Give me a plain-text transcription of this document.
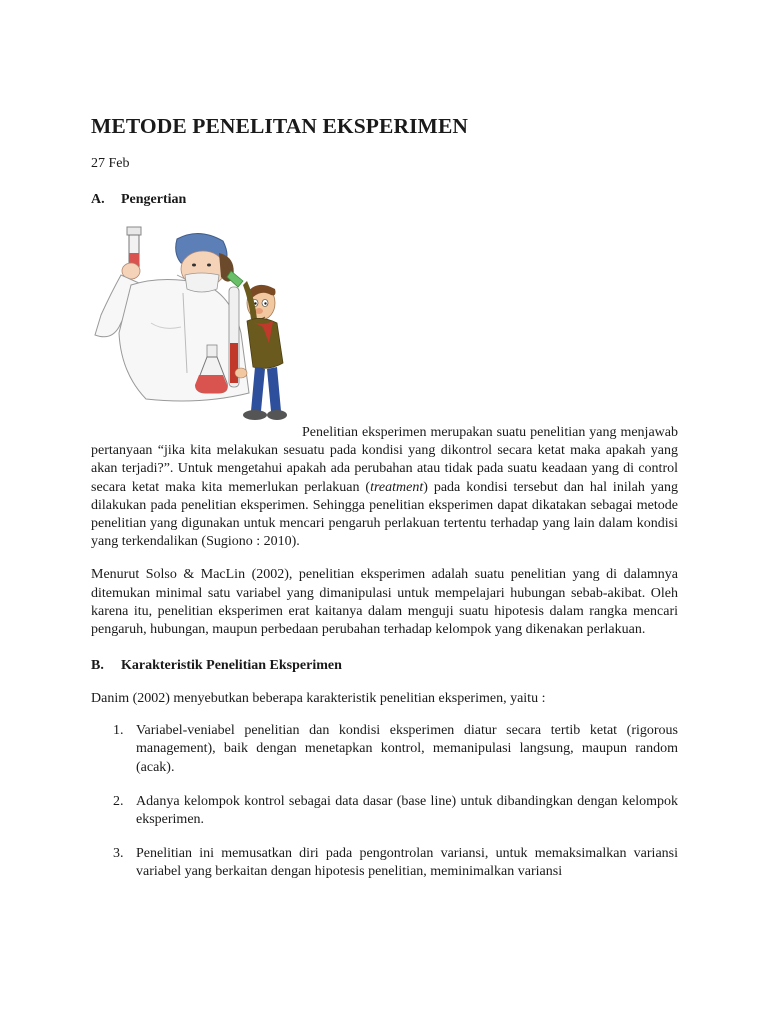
METODE PENELITAN EKSPERIMEN
27 Feb
A.	Pengertian

Penelitian eksperimen merupakan suatu penelitian yang menjawab pertanyaan “jika kita melakukan sesuatu pada kondisi yang dikontrol secara ketat maka apakah yang akan terjadi?”. Untuk mengetahui apakah ada perubahan atau tidak pada suatu keadaan yang di control secara ketat maka kita memerlukan perlakuan (treatment) pada kondisi tersebut dan hal inilah yang dilakukan pada penelitian eksperimen. Sehingga penelitian eksperimen dapat dikatakan sebagai metode penelitian yang digunakan untuk mencari pengaruh perlakuan tertentu terhadap yang lain dalam kondisi yang terkendalikan (Sugiono : 2010).

Menurut Solso & MacLin (2002), penelitian eksperimen adalah suatu penelitian yang di dalamnya ditemukan minimal satu variabel yang dimanipulasi untuk mempelajari hubungan sebab-akibat. Oleh karena itu, penelitian eksperimen erat kaitanya dalam menguji suatu hipotesis dalam rangka mencari pengaruh, hubungan, maupun perbedaan perubahan terhadap kelompok yang dikenakan perlakuan.

B.	Karakteristik Penelitian Eksperimen
Danim (2002) menyebutkan beberapa karakteristik penelitian eksperimen, yaitu :
1. Variabel-veniabel penelitian dan kondisi eksperimen diatur secara tertib ketat (rigorous management), baik dengan menetapkan kontrol, memanipulasi langsung, maupun random (acak).
2. Adanya kelompok kontrol sebagai data dasar (base line) untuk dibandingkan dengan kelompok eksperimen.
3. Penelitian ini memusatkan diri pada pengontrolan variansi, untuk memaksimalkan variansi variabel yang berkaitan dengan hipotesis penelitian, meminimalkan variansi
